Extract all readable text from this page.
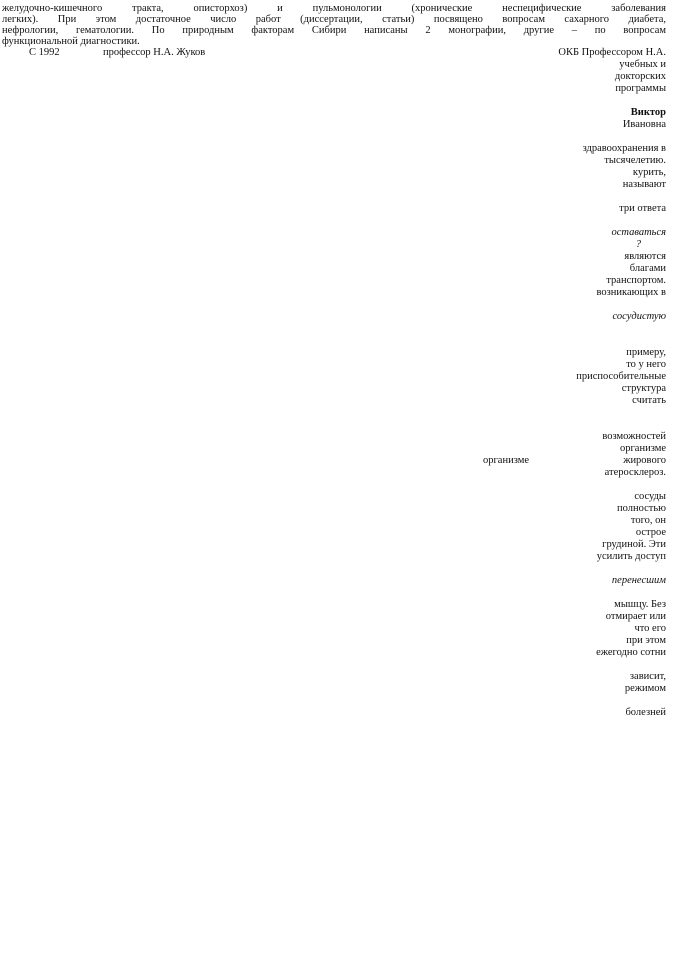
желудочно-кишечного тракта, описторхоз) и пульмонологии (хронические неспецифические заболевания
легких). При этом достаточное число работ (диссертации, статьи) посвящено вопросам сахарного диабета,
нефрологии, гематологии. По природным факторам Сибири написаны 2 монографии, другие – по вопросам
функциональной диагностики.
С 1992	профессор Н.А. Жуков	ОКБ Профессором Н.А.
учебных и
докторских
программы
Виктор
Ивановна
здравоохранения в
тысячелетию.
курить,
называют
три ответа
оставаться
?
являются
благами
транспортом.
возникающих в
сосудистую
примеру,
то у него
приспособительные
структура
считать
возможностей
организме
организме	жирового
атеросклероз.
сосуды
полностью
того, он
острое
грудиной. Эти
усилить доступ
перенесшим
мышцу. Без
отмирает или
что его
при этом
ежегодно сотни
зависит,
режимом
болезней
